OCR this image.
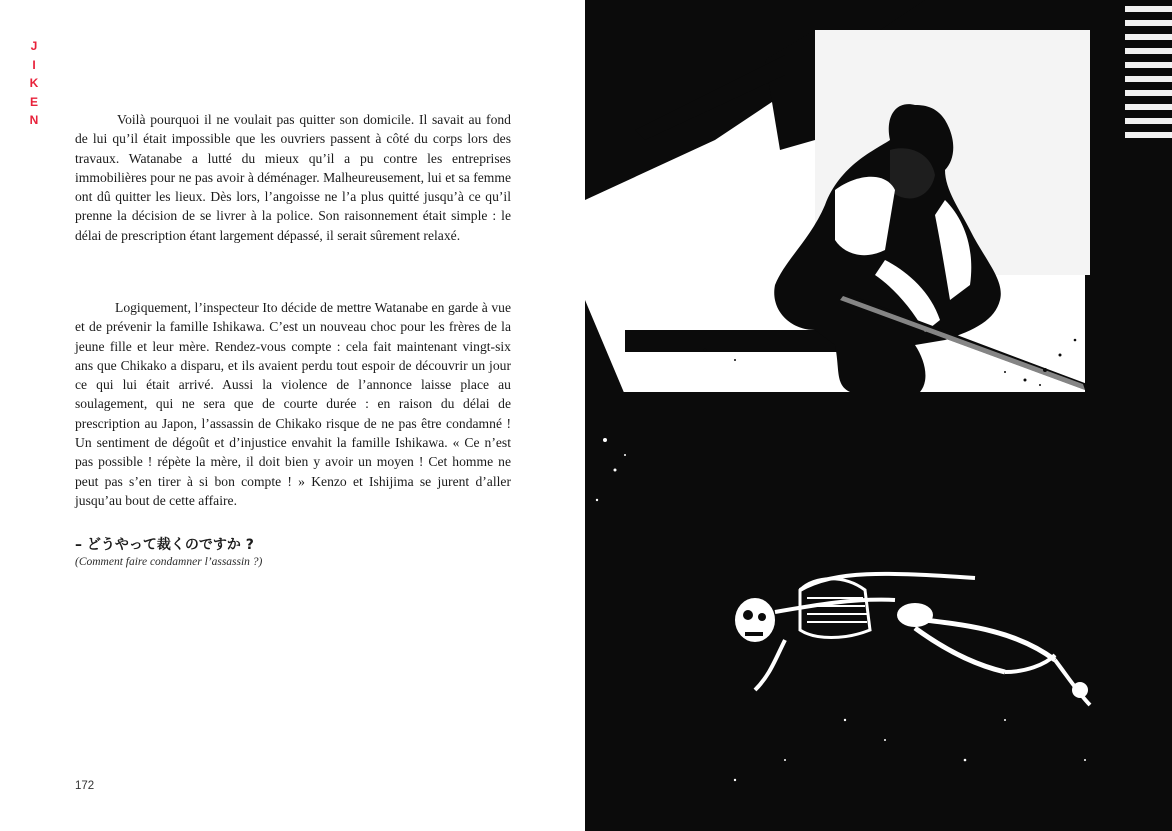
J
I
K
E
N	Voilà pourquoi il ne voulait pas quitter son domicile. Il savait au fond de lui qu’il était impossible que les ouvriers passent à côté du corps lors des travaux. Watanabe a lutté du mieux qu’il a pu contre les entreprises immobilières pour ne pas avoir à déménager. Malheureusement, lui et sa femme ont dû quitter les lieux. Dès lors, l’angoisse ne l’a plus quitté jusqu’à ce qu’il prenne la décision de se livrer à la police. Son raisonnement était simple : le délai de prescription étant largement dépassé, il serait sûrement relaxé.

Logiquement, l’inspecteur Ito décide de mettre Watanabe en garde à vue et de prévenir la famille Ishikawa. C’est un nouveau choc pour les frères de la jeune fille et leur mère. Rendez-vous compte : cela fait maintenant vingt-six ans que Chikako a disparu, et ils avaient perdu tout espoir de découvrir un jour ce qui lui était arrivé. Aussi la violence de l’annonce laisse place au soulagement, qui ne sera que de courte durée : en raison du délai de prescription au Japon, l’assassin de Chikako risque de ne pas être condamné ! Un sentiment de dégoût et d’injustice envahit la famille Ishikawa. « Ce n’est pas possible ! répète la mère, il doit bien y avoir un moyen ! Cet homme ne peut pas s’en tirer à si bon compte ! » Kenzo et Ishijima se jurent d’aller jusqu’au bout de cette affaire.

– どうやって裁くのですか ?
(Comment faire condamner l’assassin ?)
172
